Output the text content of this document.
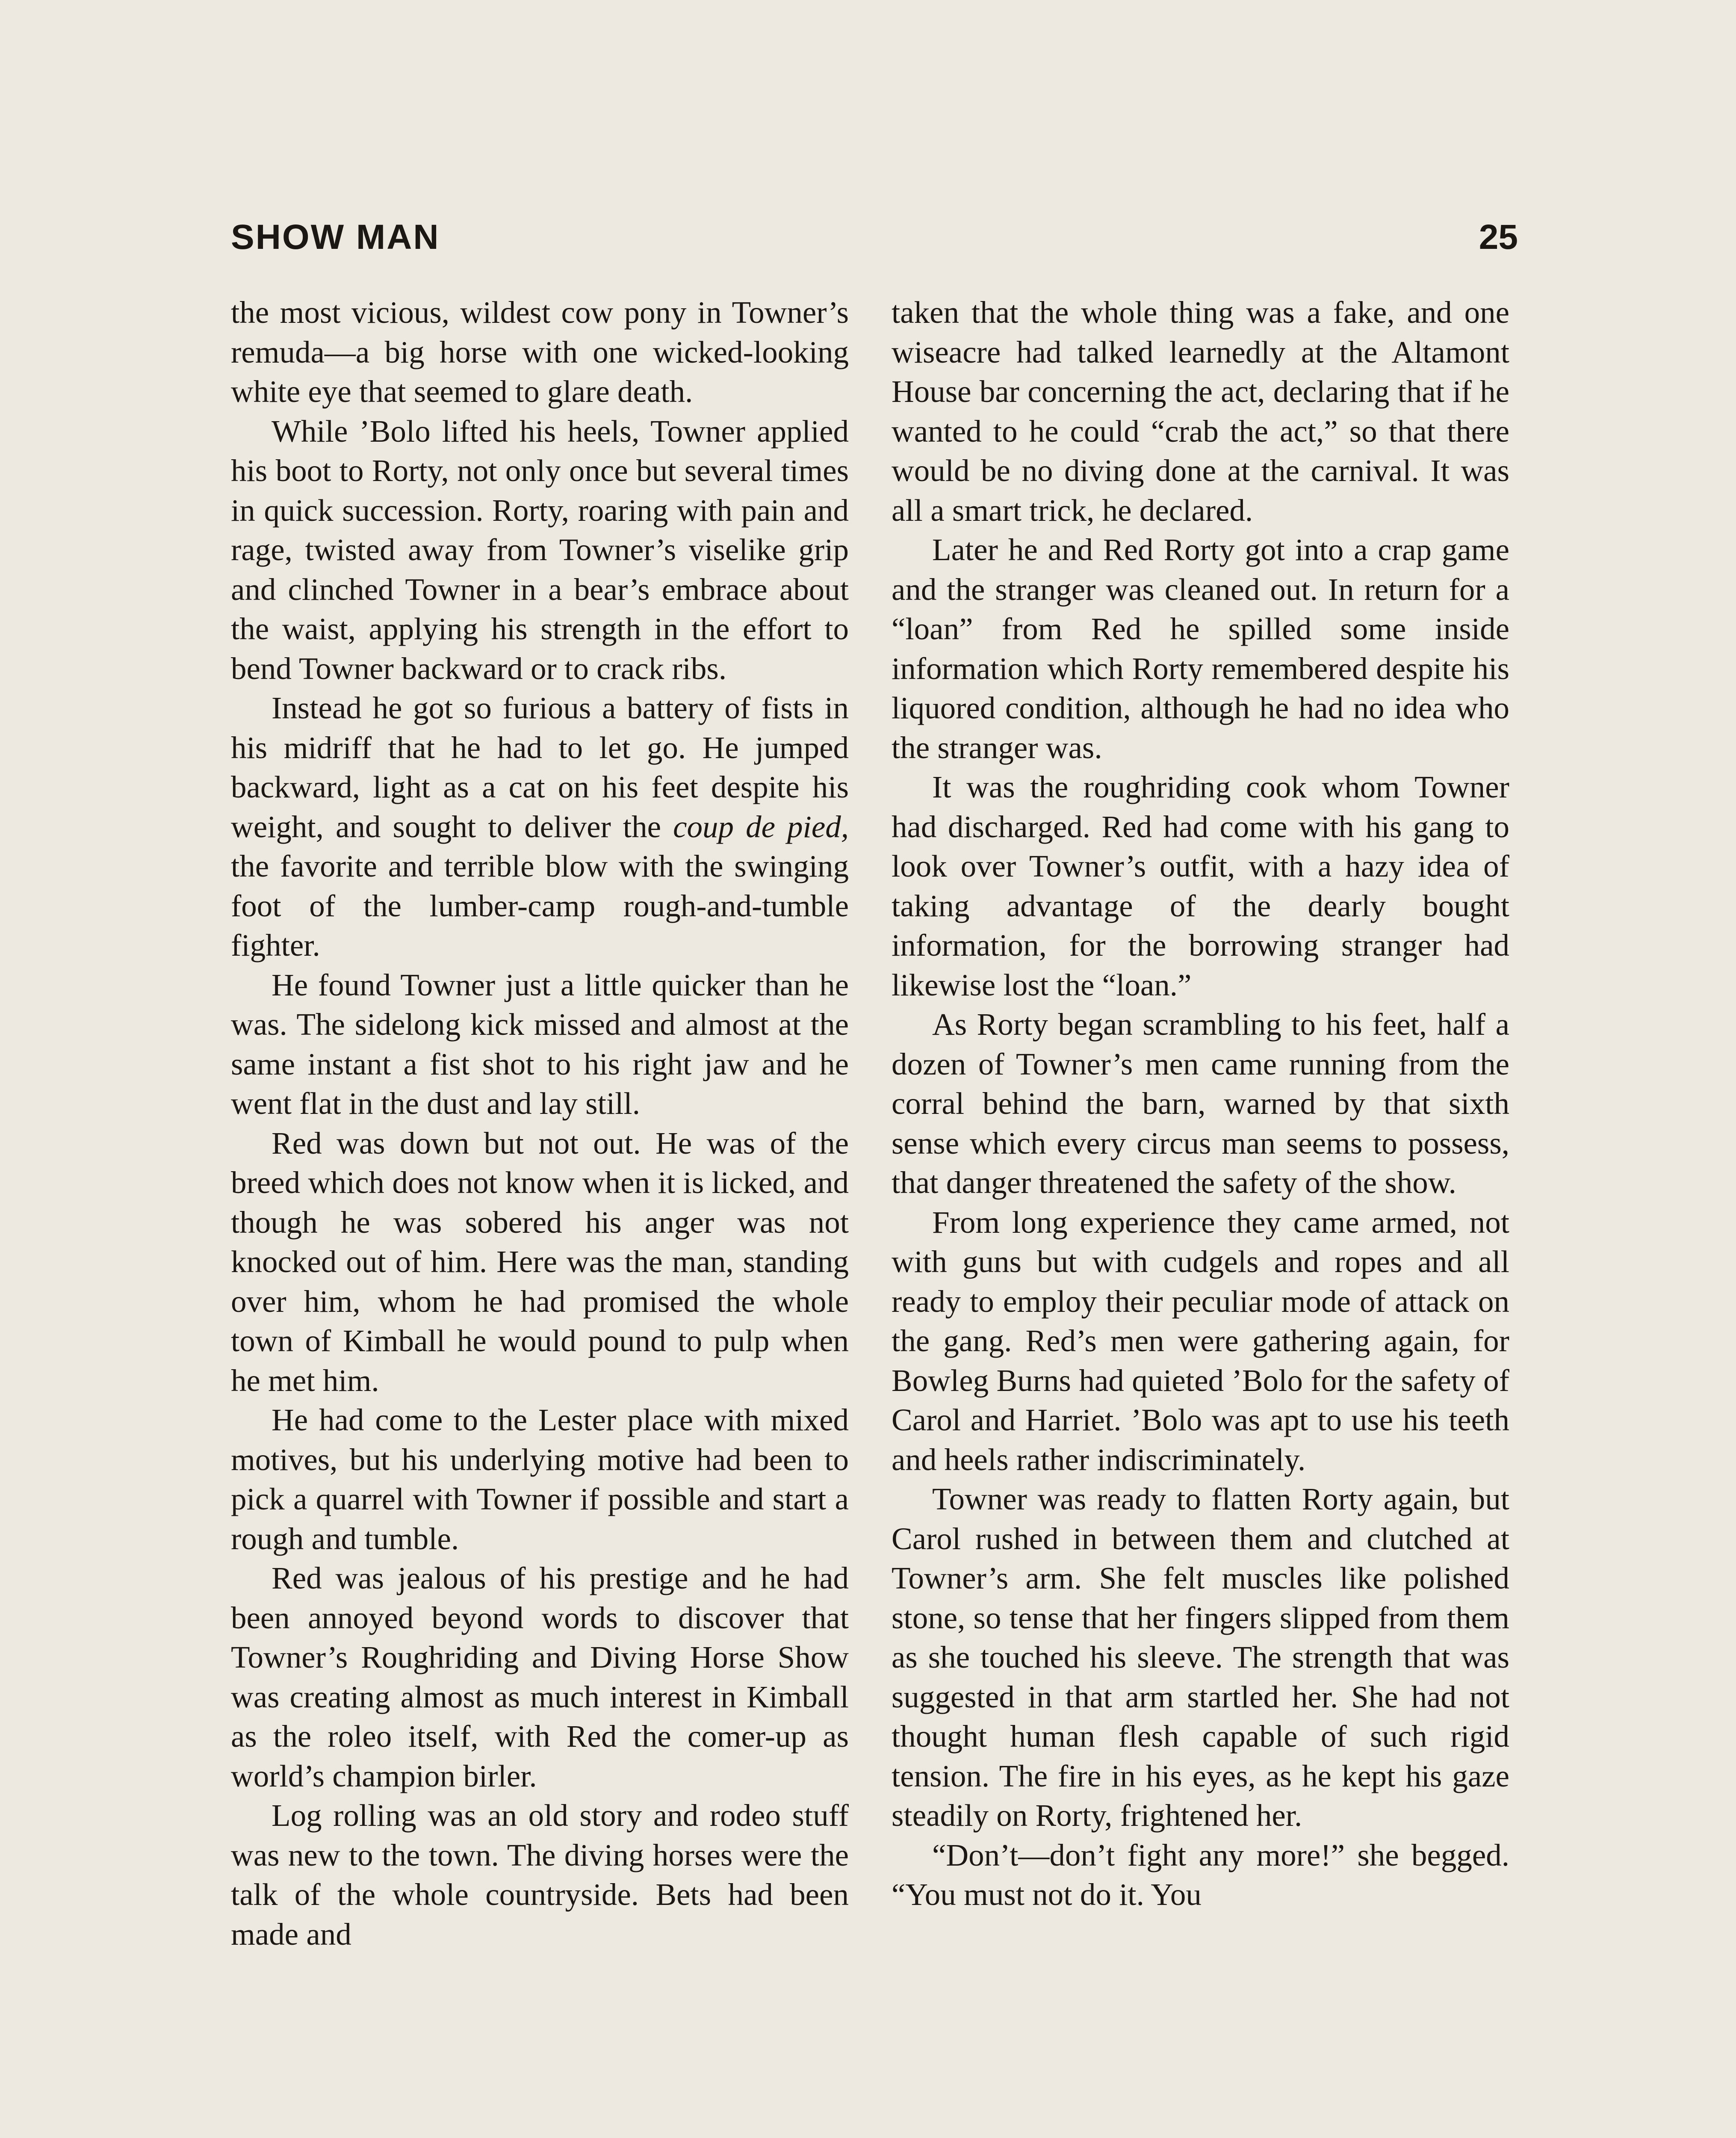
SHOW MAN	25

the most vicious, wildest cow pony in Towner’s remuda—a big horse with one wicked-looking white eye that seemed to glare death.

While ’Bolo lifted his heels, Towner applied his boot to Rorty, not only once but several times in quick succession. Rorty, roaring with pain and rage, twisted away from Towner’s viselike grip and clinched Towner in a bear’s embrace about the waist, applying his strength in the effort to bend Towner backward or to crack ribs.

Instead he got so furious a battery of fists in his midriff that he had to let go. He jumped backward, light as a cat on his feet despite his weight, and sought to deliver the coup de pied, the favorite and terrible blow with the swinging foot of the lumber-camp rough-and-tumble fighter.

He found Towner just a little quicker than he was. The sidelong kick missed and almost at the same instant a fist shot to his right jaw and he went flat in the dust and lay still.

Red was down but not out. He was of the breed which does not know when it is licked, and though he was sobered his anger was not knocked out of him. Here was the man, standing over him, whom he had promised the whole town of Kimball he would pound to pulp when he met him.

He had come to the Lester place with mixed motives, but his underlying motive had been to pick a quarrel with Towner if possible and start a rough and tumble.

Red was jealous of his prestige and he had been annoyed beyond words to discover that Towner’s Roughriding and Diving Horse Show was creating almost as much interest in Kimball as the roleo itself, with Red the comer-up as world’s champion birler.

Log rolling was an old story and rodeo stuff was new to the town. The diving horses were the talk of the whole countryside. Bets had been made and

taken that the whole thing was a fake, and one wiseacre had talked learnedly at the Altamont House bar concerning the act, declaring that if he wanted to he could “crab the act,” so that there would be no diving done at the carnival. It was all a smart trick, he declared.

Later he and Red Rorty got into a crap game and the stranger was cleaned out. In return for a “loan” from Red he spilled some inside information which Rorty remembered despite his liquored condition, although he had no idea who the stranger was.

It was the roughriding cook whom Towner had discharged. Red had come with his gang to look over Towner’s outfit, with a hazy idea of taking advantage of the dearly bought information, for the borrowing stranger had likewise lost the “loan.”

As Rorty began scrambling to his feet, half a dozen of Towner’s men came running from the corral behind the barn, warned by that sixth sense which every circus man seems to possess, that danger threatened the safety of the show.

From long experience they came armed, not with guns but with cudgels and ropes and all ready to employ their peculiar mode of attack on the gang. Red’s men were gathering again, for Bowleg Burns had quieted ’Bolo for the safety of Carol and Harriet. ’Bolo was apt to use his teeth and heels rather indiscriminately.

Towner was ready to flatten Rorty again, but Carol rushed in between them and clutched at Towner’s arm. She felt muscles like polished stone, so tense that her fingers slipped from them as she touched his sleeve. The strength that was suggested in that arm startled her. She had not thought human flesh capable of such rigid tension. The fire in his eyes, as he kept his gaze steadily on Rorty, frightened her.

“Don’t—don’t fight any more!” she begged. “You must not do it. You
